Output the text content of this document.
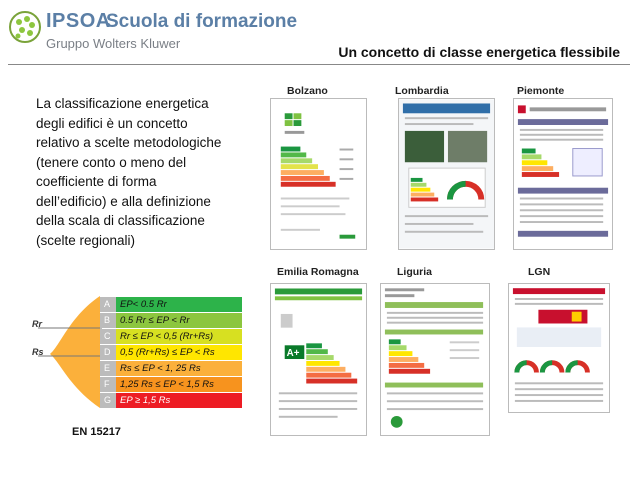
IPSOA
Scuola di formazione
Gruppo Wolters Kluwer
Un concetto di classe energetica flessibile
La classificazione energetica degli edifici è un concetto relativo a scelte metodologiche (tenere conto o meno del coefficiente di forma dell’edificio) e alla definizione della scala di classificazione (scelte regionali)
Bolzano	Lombardia	Piemonte
Emilia Romagna	Liguria	LGN
A+
Rr
Rs
A	EP< 0.5 Rr
B	0.5 Rr ≤ EP < Rr
C	Rr ≤ EP < 0,5 (Rr+Rs)
D	0,5 (Rr+Rs) ≤ EP < Rs
E	Rs ≤ EP < 1, 25 Rs
F	1,25 Rs ≤ EP < 1,5 Rs
G EP ≥ 1,5 Rs
EN 15217
